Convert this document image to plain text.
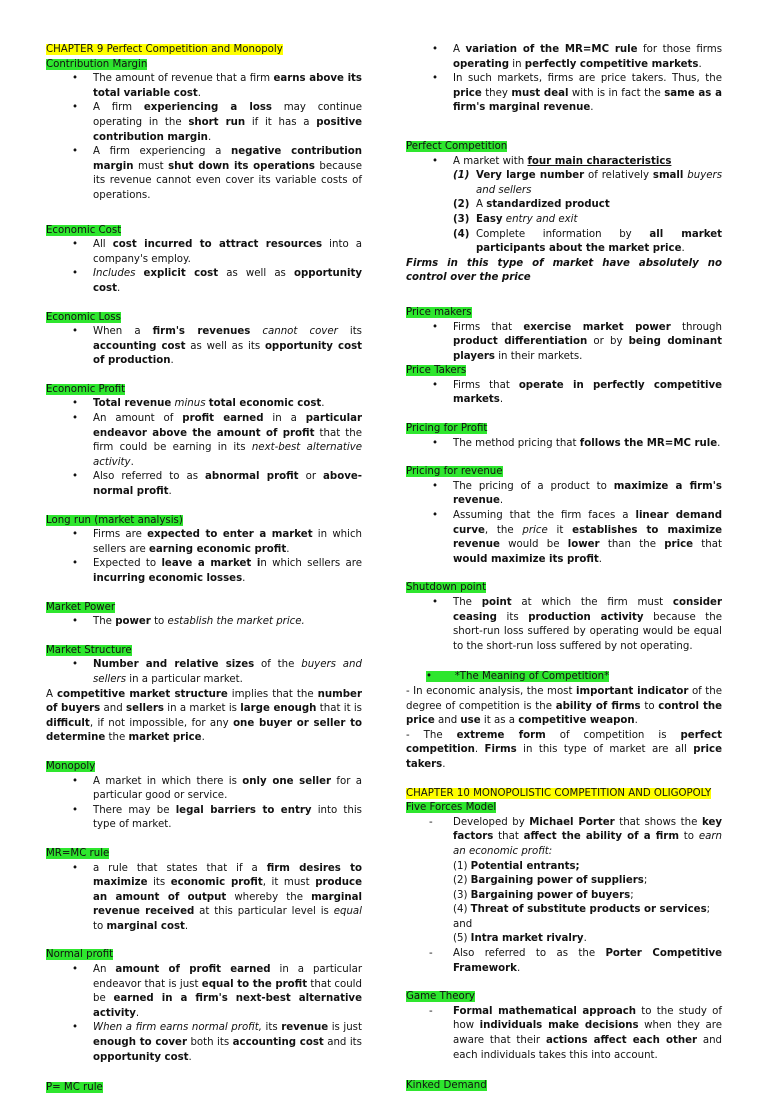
CHAPTER 9 Perfect Competition and Monopoly
Contribution Margin
• The amount of revenue that a firm earns above its total variable cost.
• A firm experiencing a loss may continue operating in the short run if it has a positive contribution margin.
• A firm experiencing a negative contribution margin must shut down its operations because its revenue cannot even cover its variable costs of operations.
Economic Cost
• All cost incurred to attract resources into a company's employ.
• Includes explicit cost as well as opportunity cost.
Economic Loss
• When a firm's revenues cannot cover its accounting cost as well as its opportunity cost of production.
Economic Profit
• Total revenue minus total economic cost.
• An amount of profit earned in a particular endeavor above the amount of profit that the firm could be earning in its next-best alternative activity.
• Also referred to as abnormal profit or above-normal profit.
Long run (market analysis)
• Firms are expected to enter a market in which sellers are earning economic profit.
• Expected to leave a market in which sellers are incurring economic losses.
Market Power
• The power to establish the market price.
Market Structure
• Number and relative sizes of the buyers and sellers in a particular market.

A competitive market structure implies that the number of buyers and sellers in a market is large enough that it is difficult, if not impossible, for any one buyer or seller to determine the market price.

Monopoly
• A market in which there is only one seller for a particular good or service.
• There may be legal barriers to entry into this type of market.
MR=MC rule
• a rule that states that if a firm desires to maximize its economic profit, it must produce an amount of output whereby the marginal revenue received at this particular level is equal to marginal cost.
Normal profit
• An amount of profit earned in a particular endeavor that is just equal to the profit that could be earned in a firm's next-best alternative activity.
• When a firm earns normal profit, its revenue is just enough to cover both its accounting cost and its opportunity cost.
P= MC rule
• A variation of the MR=MC rule for those firms operating in perfectly competitive markets.
• In such markets, firms are price takers. Thus, the price they must deal with is in fact the same as a firm's marginal revenue.
Perfect Competition
• A market with four main characteristics
(1) Very large number of relatively small buyers and sellers
(2) A standardized product
(3) Easy entry and exit
(4) Complete information by all market participants about the market price.

Firms in this type of market have absolutely no control over the price

Price makers
• Firms that exercise market power through product differentiation or by being dominant players in their markets.
Price Takers
• Firms that operate in perfectly competitive markets.
Pricing for Profit
• The method pricing that follows the MR=MC rule.
Pricing for revenue
• The pricing of a product to maximize a firm's revenue.
• Assuming that the firm faces a linear demand curve, the price it establishes to maximize revenue would be lower than the price that would maximize its profit.
Shutdown point
• The point at which the firm must consider ceasing its production activity because the short-run loss suffered by operating would be equal to the short-run loss suffered by not operating.
•       *The Meaning of Competition*

- In economic analysis, the most important indicator of the degree of competition is the ability of firms to control the price and use it as a competitive weapon.

- The extreme form of competition is perfect competition. Firms in this type of market are all price takers.

CHAPTER 10 MONOPOLISTIC COMPETITION AND OLIGOPOLY
Five Forces Model
- Developed by Michael Porter that shows the key factors that affect the ability of a firm to earn an economic profit:
(1) Potential entrants;
(2) Bargaining power of suppliers;
(3) Bargaining power of buyers;
(4) Threat of substitute products or services; and
(5) Intra market rivalry.
- Also referred to as the Porter Competitive Framework.
Game Theory
- Formal mathematical approach to the study of how individuals make decisions when they are aware that their actions affect each other and each individuals takes this into account.
Kinked Demand
